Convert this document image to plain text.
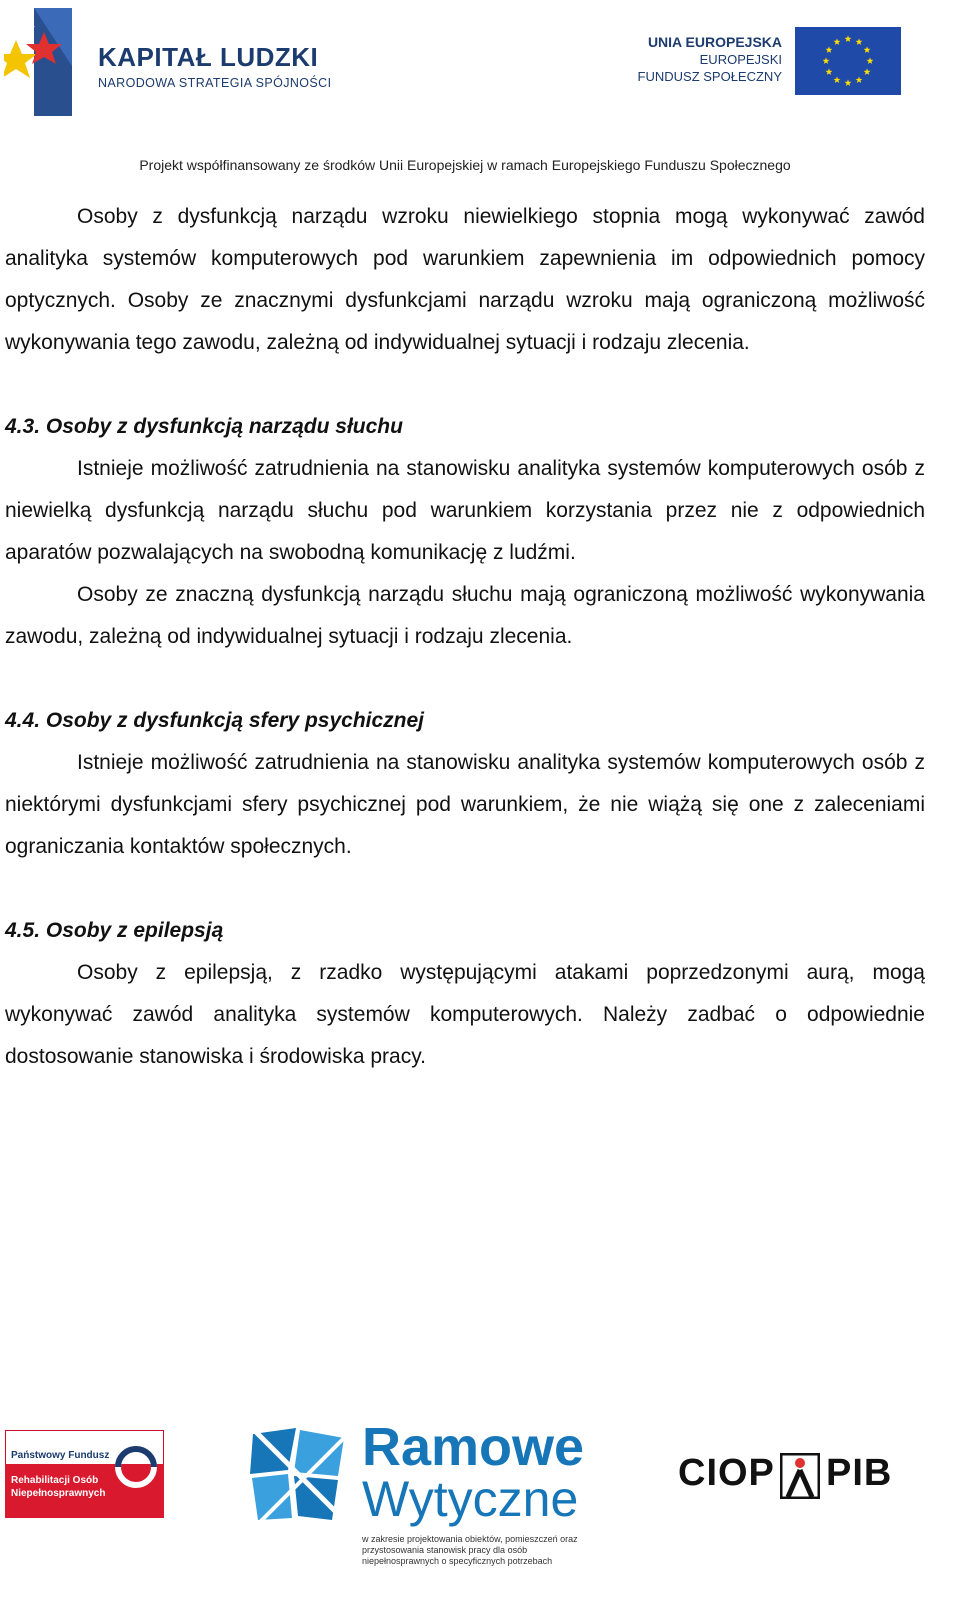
KAPITAŁ LUDZKI
NARODOWA STRATEGIA SPÓJNOŚCI
UNIA EUROPEJSKA
EUROPEJSKI
FUNDUSZ SPOŁECZNY
Projekt współfinansowany ze środków Unii Europejskiej w ramach Europejskiego Funduszu Społecznego

Osoby z dysfunkcją narządu wzroku niewielkiego stopnia mogą wykonywać zawód analityka systemów komputerowych pod warunkiem zapewnienia im odpowiednich pomocy optycznych. Osoby ze znacznymi dysfunkcjami narządu wzroku mają ograniczoną możliwość wykonywania tego zawodu, zależną od indywidualnej sytuacji i rodzaju zlecenia.

4.3. Osoby z dysfunkcją narządu słuchu

Istnieje możliwość zatrudnienia na stanowisku analityka systemów komputerowych osób z niewielką dysfunkcją narządu słuchu pod warunkiem korzystania przez nie z odpowiednich aparatów pozwalających na swobodną komunikację z ludźmi.

Osoby ze znaczną dysfunkcją narządu słuchu mają ograniczoną możliwość wykonywania zawodu, zależną od indywidualnej sytuacji i rodzaju zlecenia.

4.4. Osoby z dysfunkcją sfery psychicznej

Istnieje możliwość zatrudnienia na stanowisku analityka systemów komputerowych osób z niektórymi dysfunkcjami sfery psychicznej pod warunkiem, że nie wiążą się one z zaleceniami ograniczania kontaktów społecznych.

4.5. Osoby z epilepsją

Osoby z epilepsją, z rzadko występującymi atakami poprzedzonymi aurą, mogą wykonywać zawód analityka systemów komputerowych. Należy zadbać o odpowiednie dostosowanie stanowiska i środowiska pracy.

Państwowy Fundusz
Rehabilitacji Osób Niepełnosprawnych
Ramowe
Wytyczne
w zakresie projektowania obiektów, pomieszczeń oraz przystosowania stanowisk pracy dla osób niepełnosprawnych o specyficznych potrzebach
CIOP PIB
